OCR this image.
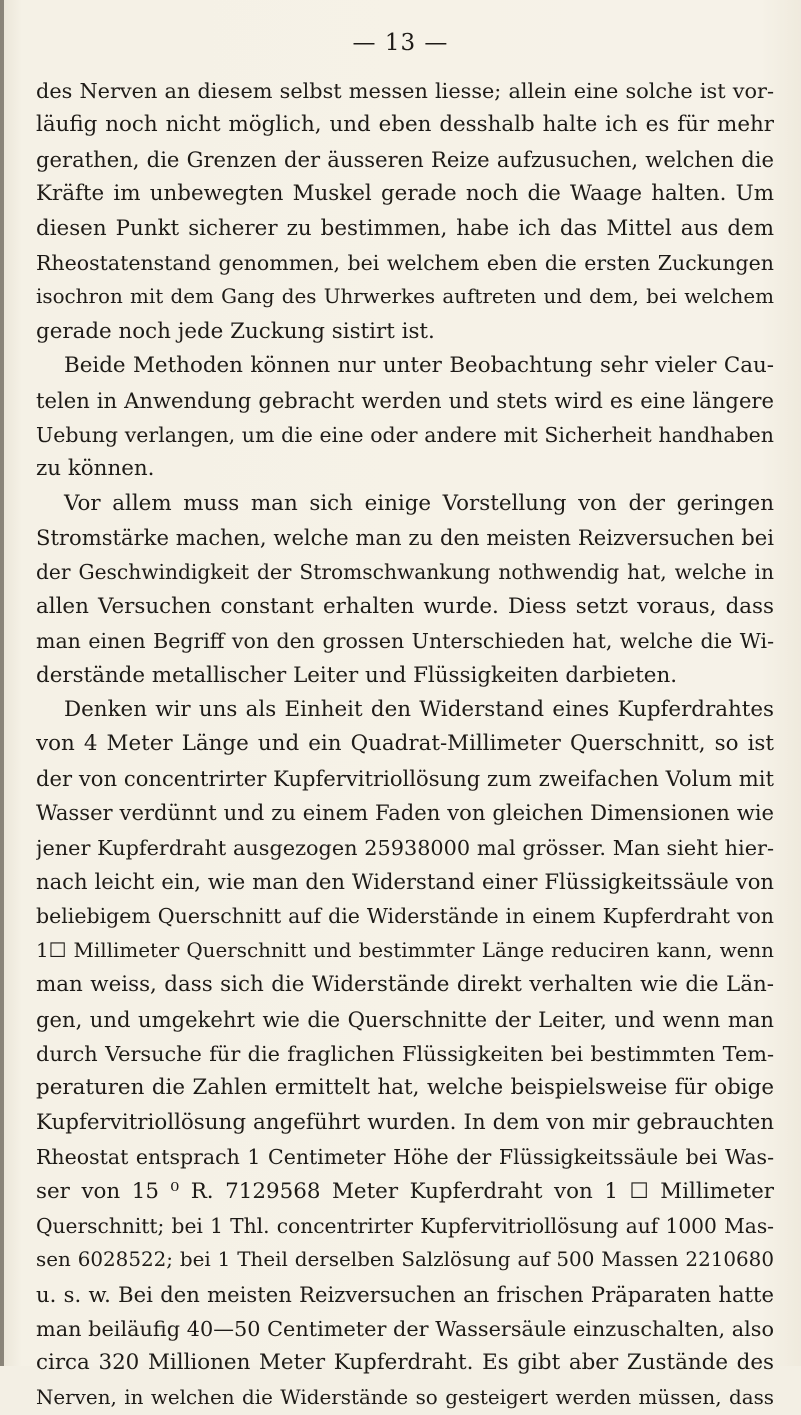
— 13 —
des Nerven an diesem selbst messen liesse; allein eine solche ist vor-
läufig noch nicht möglich, und eben desshalb halte ich es für mehr
gerathen, die Grenzen der äusseren Reize aufzusuchen, welchen die
Kräfte im unbewegten Muskel gerade noch die Waage halten. Um
diesen Punkt sicherer zu bestimmen, habe ich das Mittel aus dem
Rheostatenstand genommen, bei welchem eben die ersten Zuckungen
isochron mit dem Gang des Uhrwerkes auftreten und dem, bei welchem
gerade noch jede Zuckung sistirt ist.
Beide Methoden können nur unter Beobachtung sehr vieler Cau-
telen in Anwendung gebracht werden und stets wird es eine längere
Uebung verlangen, um die eine oder andere mit Sicherheit handhaben
zu können.
Vor allem muss man sich einige Vorstellung von der geringen
Stromstärke machen, welche man zu den meisten Reizversuchen bei
der Geschwindigkeit der Stromschwankung nothwendig hat, welche in
allen Versuchen constant erhalten wurde. Diess setzt voraus, dass
man einen Begriff von den grossen Unterschieden hat, welche die Wi-
derstände metallischer Leiter und Flüssigkeiten darbieten.
Denken wir uns als Einheit den Widerstand eines Kupferdrahtes
von 4 Meter Länge und ein Quadrat-Millimeter Querschnitt, so ist
der von concentrirter Kupfervitriollösung zum zweifachen Volum mit
Wasser verdünnt und zu einem Faden von gleichen Dimensionen wie
jener Kupferdraht ausgezogen 25938000 mal grösser. Man sieht hier-
nach leicht ein, wie man den Widerstand einer Flüssigkeitssäule von
beliebigem Querschnitt auf die Widerstände in einem Kupferdraht von
1☐ Millimeter Querschnitt und bestimmter Länge reduciren kann, wenn
man weiss, dass sich die Widerstände direkt verhalten wie die Län-
gen, und umgekehrt wie die Querschnitte der Leiter, und wenn man
durch Versuche für die fraglichen Flüssigkeiten bei bestimmten Tem-
peraturen die Zahlen ermittelt hat, welche beispielsweise für obige
Kupfervitriollösung angeführt wurden. In dem von mir gebrauchten
Rheostat entsprach 1 Centimeter Höhe der Flüssigkeitssäule bei Was-
ser von 15 ⁰ R. 7129568 Meter Kupferdraht von 1 ☐ Millimeter
Querschnitt; bei 1 Thl. concentrirter Kupfervitriollösung auf 1000 Mas-
sen 6028522; bei 1 Theil derselben Salzlösung auf 500 Massen 2210680
u. s. w. Bei den meisten Reizversuchen an frischen Präparaten hatte
man beiläufig 40—50 Centimeter der Wassersäule einzuschalten, also
circa 320 Millionen Meter Kupferdraht. Es gibt aber Zustände des
Nerven, in welchen die Widerstände so gesteigert werden müssen, dass
